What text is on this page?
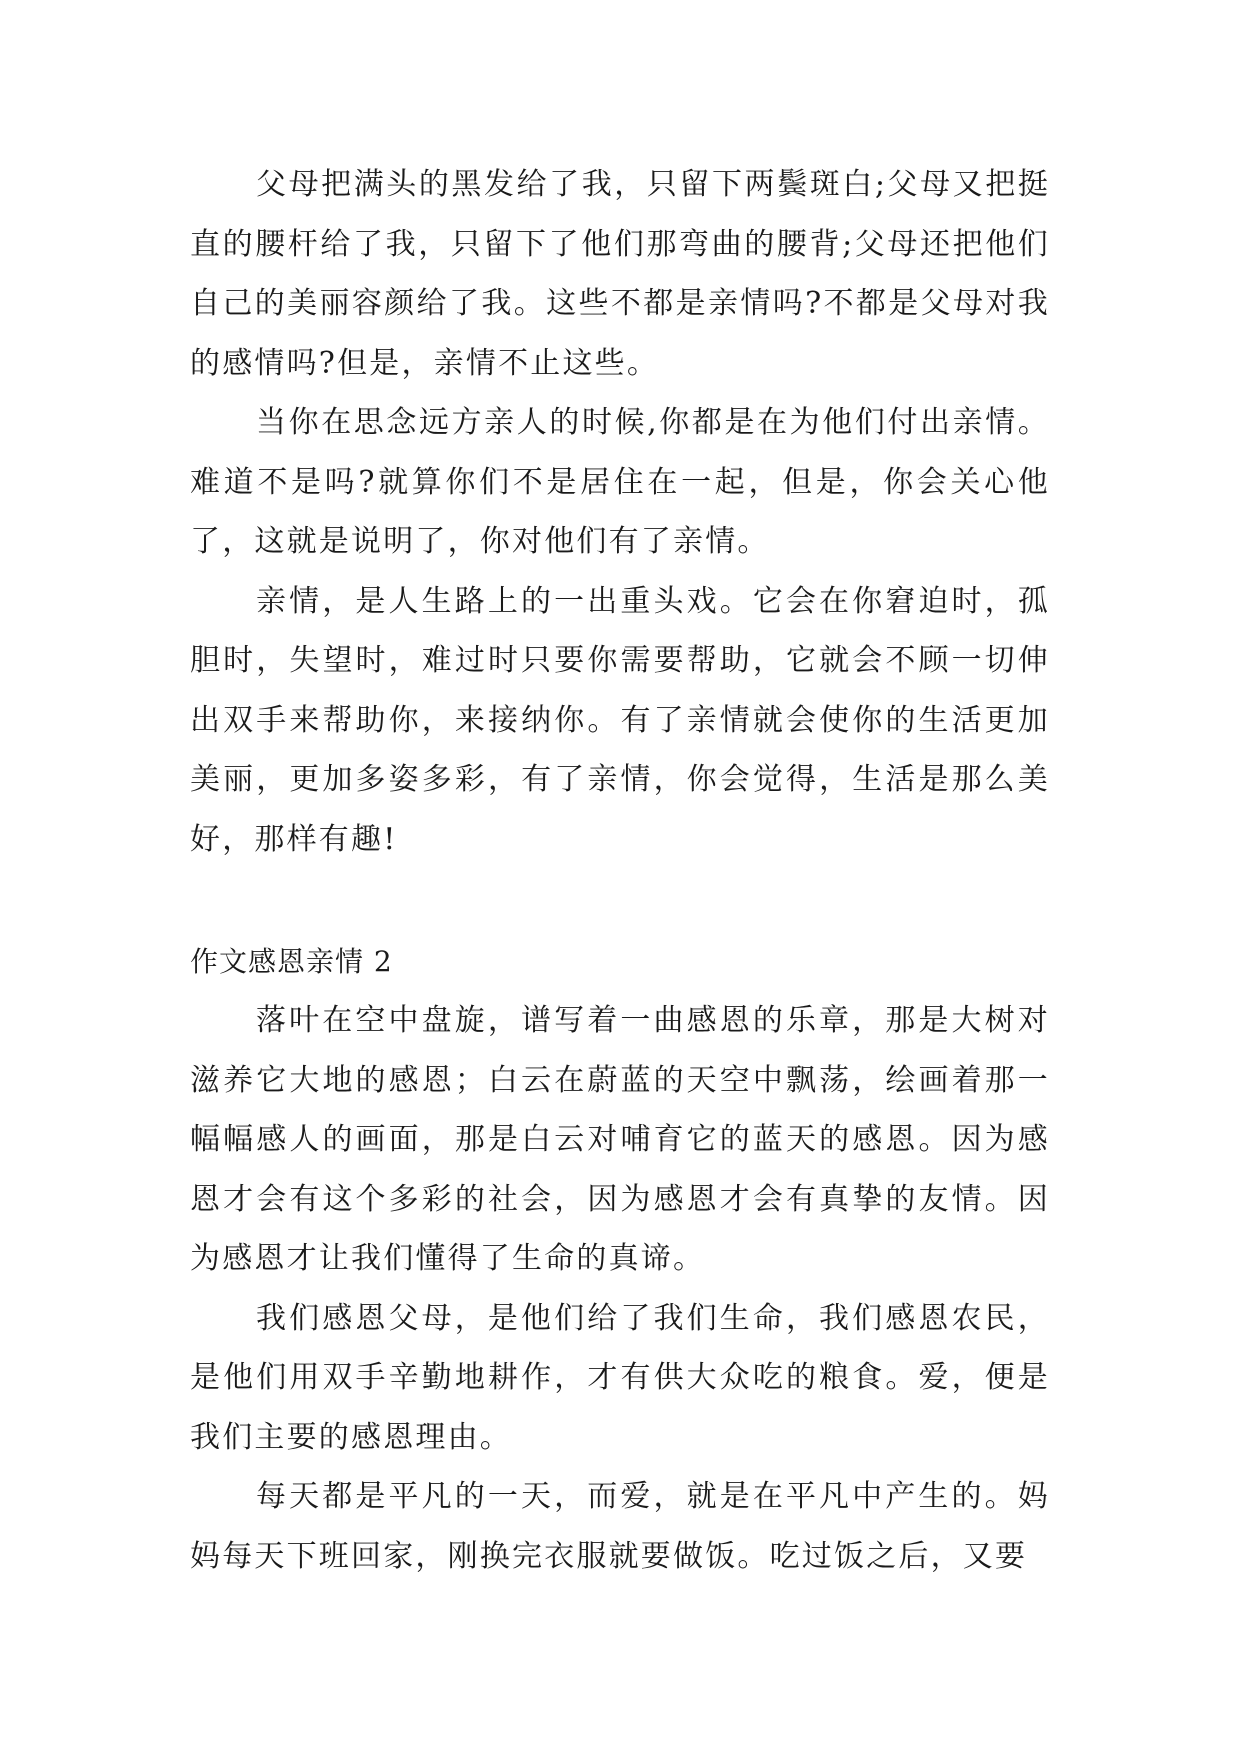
父母把满头的黑发给了我，只留下两鬓斑白;父母又把挺直的腰杆给了我，只留下了他们那弯曲的腰背;父母还把他们自己的美丽容颜给了我。这些不都是亲情吗?不都是父母对我的感情吗?但是，亲情不止这些。

当你在思念远方亲人的时候,你都是在为他们付出亲情。难道不是吗?就算你们不是居住在一起，但是，你会关心他了，这就是说明了，你对他们有了亲情。

亲情，是人生路上的一出重头戏。它会在你窘迫时，孤胆时，失望时，难过时只要你需要帮助，它就会不顾一切伸出双手来帮助你，来接纳你。有了亲情就会使你的生活更加美丽，更加多姿多彩，有了亲情，你会觉得，生活是那么美好，那样有趣!

作文感恩亲情 2

落叶在空中盘旋，谱写着一曲感恩的乐章，那是大树对滋养它大地的感恩；白云在蔚蓝的天空中飘荡，绘画着那一幅幅感人的画面，那是白云对哺育它的蓝天的感恩。因为感恩才会有这个多彩的社会，因为感恩才会有真挚的友情。因为感恩才让我们懂得了生命的真谛。

我们感恩父母，是他们给了我们生命，我们感恩农民，是他们用双手辛勤地耕作，才有供大众吃的粮食。爱，便是我们主要的感恩理由。

每天都是平凡的一天，而爱，就是在平凡中产生的。妈妈每天下班回家，刚换完衣服就要做饭。吃过饭之后，又要
